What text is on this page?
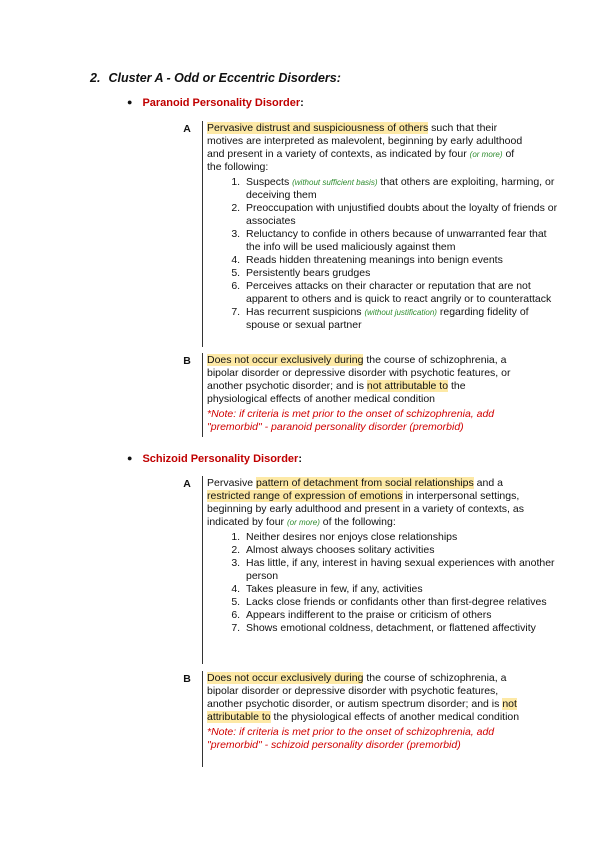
2. Cluster A - Odd or Eccentric Disorders:
● Paranoid Personality Disorder:
A	Pervasive distrust and suspiciousness of others such that their motives are interpreted as malevolent, beginning by early adulthood and present in a variety of contexts, as indicated by four (or more) of the following:
1. Suspects (without sufficient basis) that others are exploiting, harming, or deceiving them
2. Preoccupation with unjustified doubts about the loyalty of friends or associates
3. Reluctancy to confide in others because of unwarranted fear that the info will be used maliciously against them
4. Reads hidden threatening meanings into benign events
5. Persistently bears grudges
6. Perceives attacks on their character or reputation that are not apparent to others and is quick to react angrily or to counterattack
7. Has recurrent suspicions (without justification) regarding fidelity of spouse or sexual partner
B	Does not occur exclusively during the course of schizophrenia, a bipolar disorder or depressive disorder with psychotic features, or another psychotic disorder; and is not attributable to the physiological effects of another medical condition
*Note: if criteria is met prior to the onset of schizophrenia, add "premorbid" - paranoid personality disorder (premorbid)
● Schizoid Personality Disorder:
A	Pervasive pattern of detachment from social relationships and a restricted range of expression of emotions in interpersonal settings, beginning by early adulthood and present in a variety of contexts, as indicated by four (or more) of the following:
1. Neither desires nor enjoys close relationships
2. Almost always chooses solitary activities
3. Has little, if any, interest in having sexual experiences with another person
4. Takes pleasure in few, if any, activities
5. Lacks close friends or confidants other than first-degree relatives
6. Appears indifferent to the praise or criticism of others
7. Shows emotional coldness, detachment, or flattened affectivity
B	Does not occur exclusively during the course of schizophrenia, a bipolar disorder or depressive disorder with psychotic features, another psychotic disorder, or autism spectrum disorder; and is not attributable to the physiological effects of another medical condition
*Note: if criteria is met prior to the onset of schizophrenia, add "premorbid" - schizoid personality disorder (premorbid)
